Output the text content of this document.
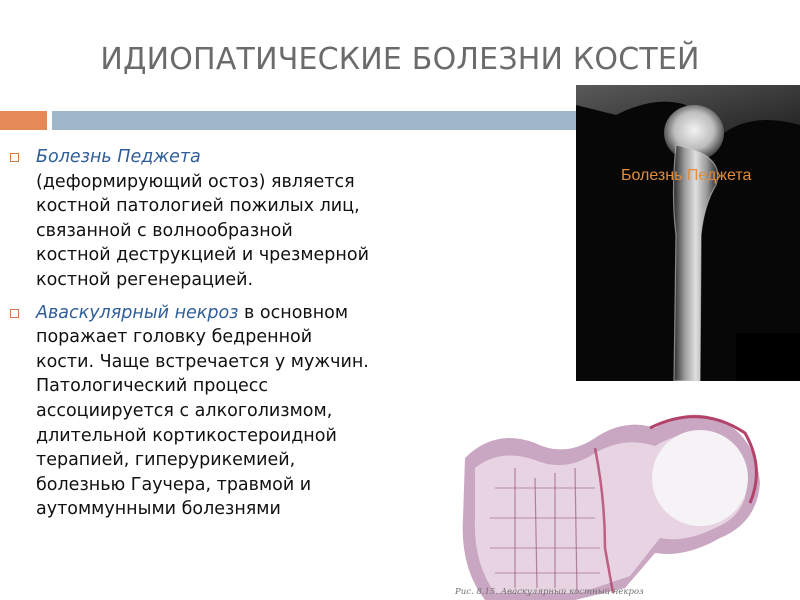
ИДИОПАТИЧЕСКИЕ БОЛЕЗНИ КОСТЕЙ
Болезнь Педжета
(деформирующий остоз) является
костной патологией пожилых лиц,
связанной с волнообразной
костной деструкцией и чрезмерной
костной регенерацией.
Аваскулярный некроз в основном
поражает головку бедренной
кости. Чаще встречается у мужчин.
Патологический процесс
ассоциируется с алкоголизмом,
длительной кортикостероидной
терапией, гиперурикемией,
болезнью Гаучера, травмой и
аутоммунными болезнями
Болезнь Педжета
Рис. 8.15. Аваскулярный костный некроз
